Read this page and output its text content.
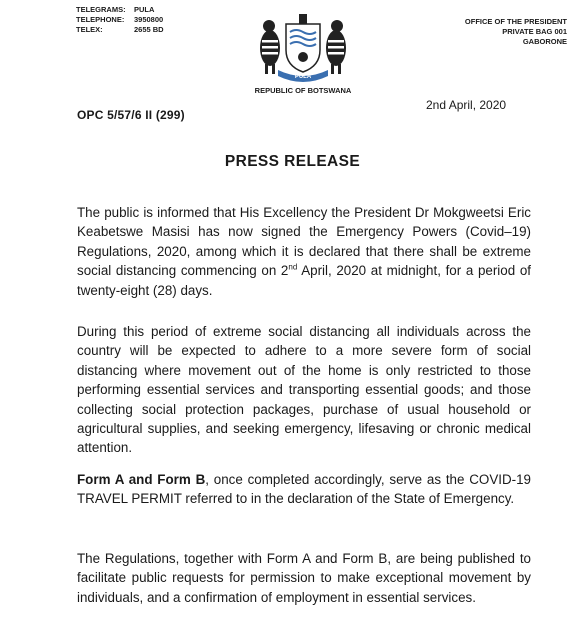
TELEGRAMS:	PULA
TELEPHONE:	3950800
TELEX:	2655 BD
PULA
REPUBLIC OF BOTSWANA
OFFICE OF THE PRESIDENT
PRIVATE BAG 001
GABORONE
2nd April, 2020
OPC 5/57/6 II (299)
PRESS RELEASE
The public is informed that His Excellency the President Dr Mokgweetsi Eric Keabetswe Masisi has now signed the Emergency Powers (Covid–19) Regulations, 2020, among which it is declared that there shall be extreme social distancing commencing on 2nd April, 2020 at midnight, for a period of twenty-eight (28) days.
During this period of extreme social distancing all individuals across the country will be expected to adhere to a more severe form of social distancing where movement out of the home is only restricted to those performing essential services and transporting essential goods; and those collecting social protection packages, purchase of usual household or agricultural supplies, and seeking emergency, lifesaving or chronic medical attention.
Form A and Form B, once completed accordingly, serve as the COVID-19 TRAVEL PERMIT referred to in the declaration of the State of Emergency.
The Regulations, together with Form A and Form B, are being published to facilitate public requests for permission to make exceptional movement by individuals, and a confirmation of employment in essential services.
